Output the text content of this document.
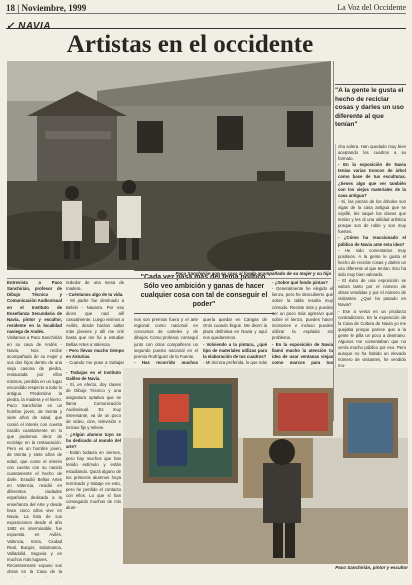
18 | Noviembre, 1999	La Voz del Occidente
✓ NAVIA
Artistas en el occidente
Paco Sanchirián con su casa al fondo acompañado de su mujer y su hija
"A la gente le gusta el hecho de reciclar cosas y darles un uso diferente al que tenían"

cha solera. Han quedado muy bien aceptando los cuadros a su formato.

- En la exposición de Navia tenías varias troncos de árbol como base de tus esculturas. ¿tienes algo que ver también con los viejos materiales de la casa antigua?

- Sí, las piezas de los árboles son vigas de la casa antigua que se cepillé, les saqué los clavos que tenían y les di una utilidad artística porque son de roble y son muy fuertes.

- ¿Cómo ha reaccionado el público de Navia ante esta idea?

- He sido comentarios muy positivos. A la gente le gusta el hecho de reciclar cosas y darles un uso diferente al que tenían. Eso ha sido muy bien valorado.

- El éxito de una exposición se valora tanto por el número de obras vendidas y por el número de visitantes. ¿Qué ha pasado en Navia?

- Ese a venta en un producto contradictorio. En la exposición de la Casa de Cultura de Navia yo me quejaba porque parece que a la gente le pilla un poco a desmano. Algunos me comentaban que no venía mucho público por eso. Pero aunque no ha habido un elevado número de visitantes, he vendido mu-

Entrevista a Paco Sanchirián, profesor de Dibujo Técnico y Comunicación Audiovisual en el Instituto de Enseñanza Secundaria de Navia, pintor y escultor, residente en la localidad naviega de Andés.

Visitamos a Paco Sanchirián en su casa de Andés - Navia. Nos recibe acompañado de su mujer y sus dos hijos dentro de una vieja casona de piedra, restaurada por ellos mismos, perdida en un lugar escondido respecto a todo lo antiguo. Predomina la piedra, la madera y el hierro. Paco Sanchirián es un hombre joven, de treinta y siete años de edad, que comió el interés con cuenta nacido cuantamente en lo que podemos decir de reciclaje en la restauración. Pero es un hombre joven, de treinta y siete años de edad, que come el interés con cuenta con su nacido cuantamente el hecho de darle. Estudió Bellas Artes en Valencia, residió en diferentes ciudades españolas dedicado a la enseñanza del Arte y desde hace cinco años vive en Navia. La lista de sus exposiciones desde el año 1982 es interminable, fue expuesta en Avilés, Valencia, Soria, Ciudad Real, Burgos, Salamanca, Valladolid, Segovia y en muchos más lugares.

Recientemente expuso sus obras en la Casa de la

rededor de una mesa de madera.

- Cuéntanos algo de tu vida.

- Mi padre fue destinado a Belelo - Navarra. Por eso dices que nací allí casualmente. Luego vivimos a Avilés, desde hacían saltar más jóvenes y allí me crié hasta que me fui a estudiar Bellas Artes a Valencia.

- Pero llevas mucho tiempo en Asturias.

- Cuando me puse a trabajar

Sólo veo ambición y ganas de hacer cualquier cosa con tal de conseguir el poder"

nos son premios fuera y el arte regional como nacional en concursos de carteles y de dibujos. Como profesor, conseguí junto con otros compañeros un segundo puesto nacional en el premio Rodríguez de la Fuente.

- Has recorrido muchos

quería quedar en Cangas de Onís cuando llegué. Me dicen la plaza definitiva en Navia y aquí nos quedaremos.

- Volviendo a la pintura, ¿qué tipo de materiales utilizas para la elaboración de tus cuadros?

- Mi técnica preferida, lo que más

- ¿Sobre qué fondo pintas?

- Generalmente he elegido el lienzo, pero he descubierto que sobre la tabla resulta muy cómodo. Resiste más y puedes ser un poco más agresivo que sobre el lienzo, puedes hacer incisiones e incluso puedes utilizar la espátula sin problema.

- En la exposición de Navia llamó mucho la atención tu idea de usar ventanas viejas como marcos para tus

- Trabajas en el Instituto Galileo de Navia.

- Sí, en efecto, doy clases de Dibujo Técnico y una asignatura optativa que se llama Comunicación Audiovisual. Es muy interesante, va de un poco de vídeo, cine, televisión e incluso fijo y relieve.

- ¿Algún alumno tuyo se ha dedicado al mundo del arte?

- Están todavía en ciernes, pero hay muchos que han tenido estímulo y están estudiando. Quizá alguno de los primeros alumnos hoya terminado y trabaje en esto, pero he perdido el contacto con ellos. Lo que sí han conseguido muchos de mis alum-

Paco Sanchirián, pintor y escultor
